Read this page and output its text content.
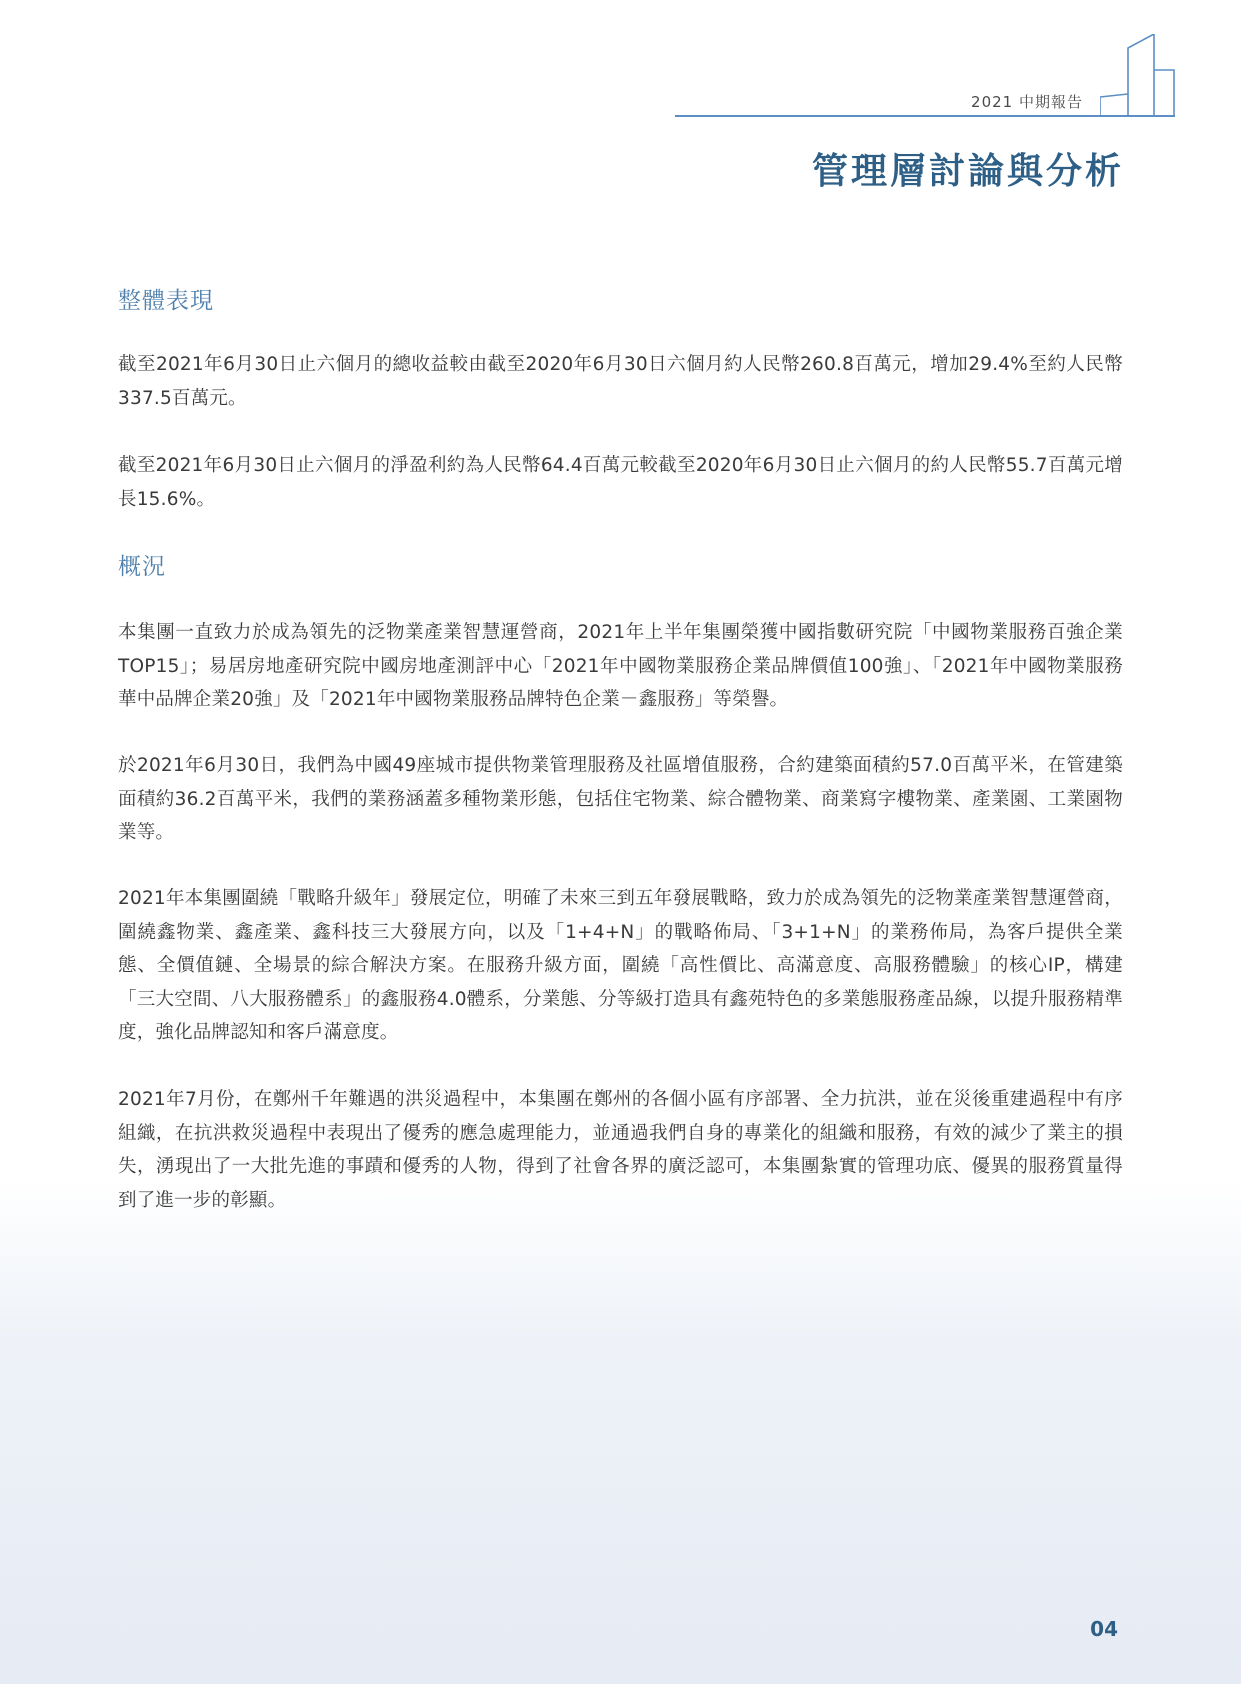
2021 中期報告
管理層討論與分析
整體表現

截至2021年6月30日止六個月的總收益較由截至2020年6月30日六個月約人民幣260.8百萬元，增加29.4%至約人民幣337.5百萬元。

截至2021年6月30日止六個月的淨盈利約為人民幣64.4百萬元較截至2020年6月30日止六個月的約人民幣55.7百萬元增長15.6%。

概況

本集團一直致力於成為領先的泛物業產業智慧運營商，2021年上半年集團榮獲中國指數研究院「中國物業服務百強企業TOP15」；易居房地產研究院中國房地產測評中心「2021年中國物業服務企業品牌價值100強」、「2021年中國物業服務華中品牌企業20強」及「2021年中國物業服務品牌特色企業－鑫服務」等榮譽。

於2021年6月30日，我們為中國49座城市提供物業管理服務及社區增值服務，合約建築面積約57.0百萬平米，在管建築面積約36.2百萬平米，我們的業務涵蓋多種物業形態，包括住宅物業、綜合體物業、商業寫字樓物業、產業園、工業園物業等。

2021年本集團圍繞「戰略升級年」發展定位，明確了未來三到五年發展戰略，致力於成為領先的泛物業產業智慧運營商，圍繞鑫物業、鑫產業、鑫科技三大發展方向，以及「1+4+N」的戰略佈局、「3+1+N」的業務佈局，為客戶提供全業態、全價值鏈、全場景的綜合解決方案。在服務升級方面，圍繞「高性價比、高滿意度、高服務體驗」的核心IP，構建「三大空間、八大服務體系」的鑫服務4.0體系，分業態、分等級打造具有鑫苑特色的多業態服務產品線，以提升服務精準度，強化品牌認知和客戶滿意度。

2021年7月份，在鄭州千年難遇的洪災過程中，本集團在鄭州的各個小區有序部署、全力抗洪，並在災後重建過程中有序組織，在抗洪救災過程中表現出了優秀的應急處理能力，並通過我們自身的專業化的組織和服務，有效的減少了業主的損失，湧現出了一大批先進的事蹟和優秀的人物，得到了社會各界的廣泛認可，本集團紮實的管理功底、優異的服務質量得到了進一步的彰顯。

04
